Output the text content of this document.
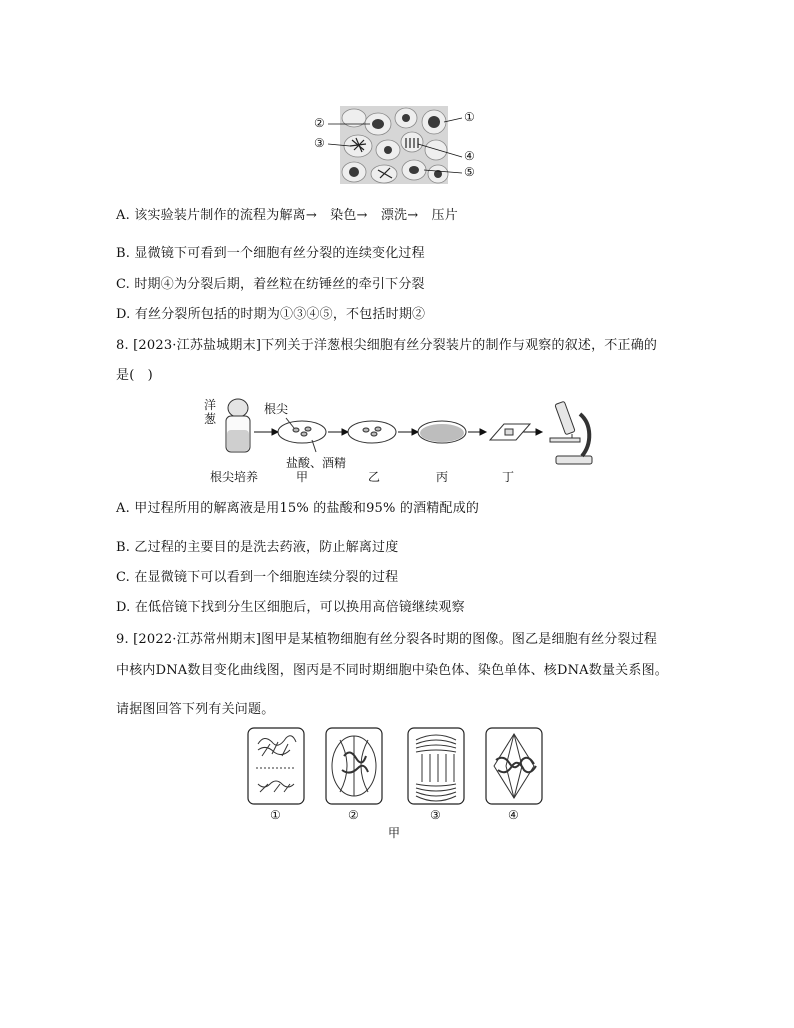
②
③
①
④
⑤
A. 该实验装片制作的流程为解离→　染色→　漂洗→　压片
B. 显微镜下可看到一个细胞有丝分裂的连续变化过程
C. 时期④为分裂后期，着丝粒在纺锤丝的牵引下分裂
D. 有丝分裂所包括的时期为①③④⑤，不包括时期②
8. [2023·江苏盐城期末]下列关于洋葱根尖细胞有丝分裂装片的制作与观察的叙述，不正确的
是(　)
洋
葱
根尖
盐酸、酒精
根尖培养	甲	乙	丙	丁
A. 甲过程所用的解离液是用15% 的盐酸和95% 的酒精配成的
B. 乙过程的主要目的是洗去药液，防止解离过度
C. 在显微镜下可以看到一个细胞连续分裂的过程
D. 在低倍镜下找到分生区细胞后，可以换用高倍镜继续观察
9. [2022·江苏常州期末]图甲是某植物细胞有丝分裂各时期的图像。图乙是细胞有丝分裂过程
中核内DNA数目变化曲线图，图丙是不同时期细胞中染色体、染色单体、核DNA数量关系图。
请据图回答下列有关问题。
①	②	③	④
甲
